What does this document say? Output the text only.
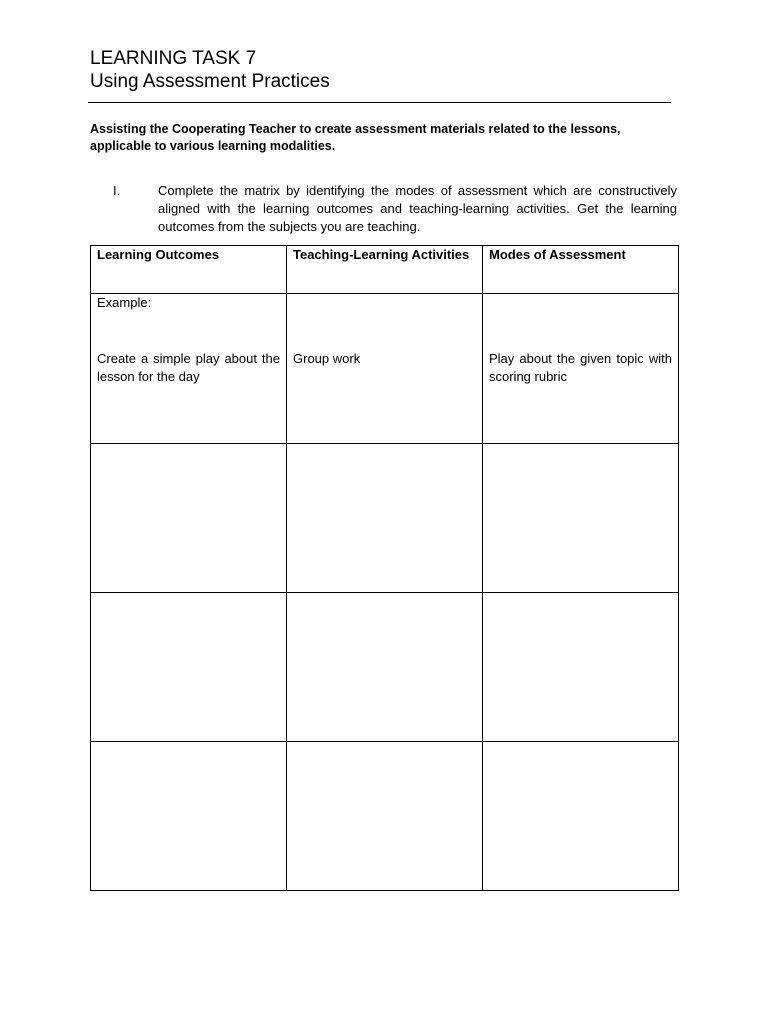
LEARNING TASK 7
Using Assessment Practices

Assisting the Cooperating Teacher to create assessment materials related to the lessons, applicable to various learning modalities.

I.	Complete the matrix by identifying the modes of assessment which are constructively aligned with the learning outcomes and teaching-learning activities. Get the learning outcomes from the subjects you are teaching.

Learning Outcomes	Teaching-Learning Activities	Modes of Assessment

Example:
Create a simple play about the lesson for the day	Group work	Play about the given topic with scoring rubric
